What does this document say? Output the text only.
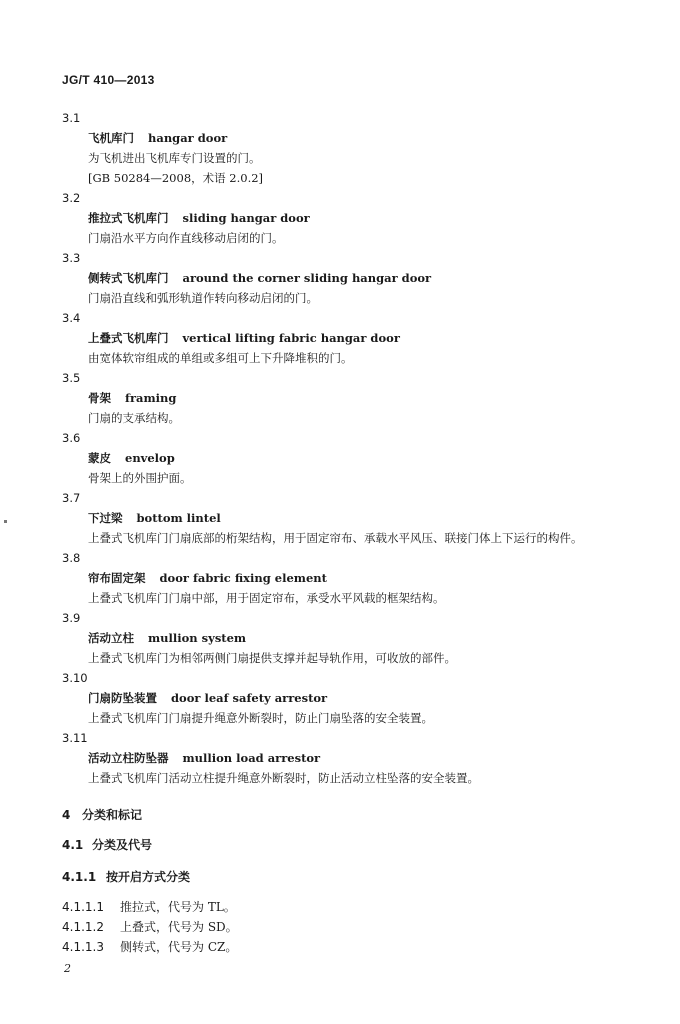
JG/T 410—2013
3.1
飞机库门 hangar door
为飞机进出飞机库专门设置的门。
[GB 50284—2008，术语 2.0.2]
3.2
推拉式飞机库门 sliding hangar door
门扇沿水平方向作直线移动启闭的门。
3.3
侧转式飞机库门 around the corner sliding hangar door
门扇沿直线和弧形轨道作转向移动启闭的门。
3.4
上叠式飞机库门 vertical lifting fabric hangar door
由宽体软帘组成的单组或多组可上下升降堆积的门。
3.5
骨架 framing
门扇的支承结构。
3.6
蒙皮 envelop
骨架上的外围护面。
3.7
下过梁 bottom lintel
上叠式飞机库门门扇底部的桁架结构，用于固定帘布、承载水平风压、联接门体上下运行的构件。
3.8
帘布固定架 door fabric fixing element
上叠式飞机库门门扇中部，用于固定帘布，承受水平风载的框架结构。
3.9
活动立柱 mullion system
上叠式飞机库门为相邻两侧门扇提供支撑并起导轨作用，可收放的部件。
3.10
门扇防坠装置 door leaf safety arrestor
上叠式飞机库门门扇提升绳意外断裂时，防止门扇坠落的安全装置。
3.11
活动立柱防坠器 mullion load arrestor
上叠式飞机库门活动立柱提升绳意外断裂时，防止活动立柱坠落的安全装置。
4 分类和标记
4.1 分类及代号
4.1.1 按开启方式分类
4.1.1.1 推拉式，代号为 TL。
4.1.1.2 上叠式，代号为 SD。
4.1.1.3 侧转式，代号为 CZ。
2
